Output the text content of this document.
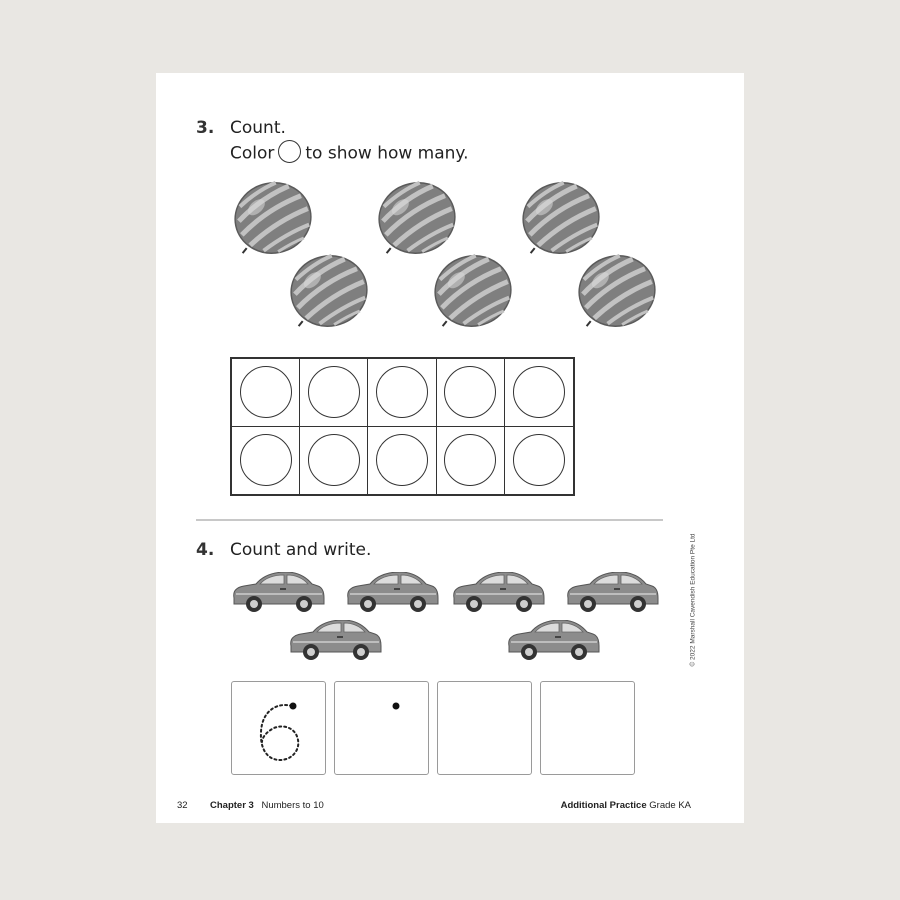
3. Count.
Color to show how many.
4. Count and write.	© 2022 Marshall Cavendish Education Pte Ltd
32 Chapter 3 Numbers to 10	Additional Practice Grade KA
